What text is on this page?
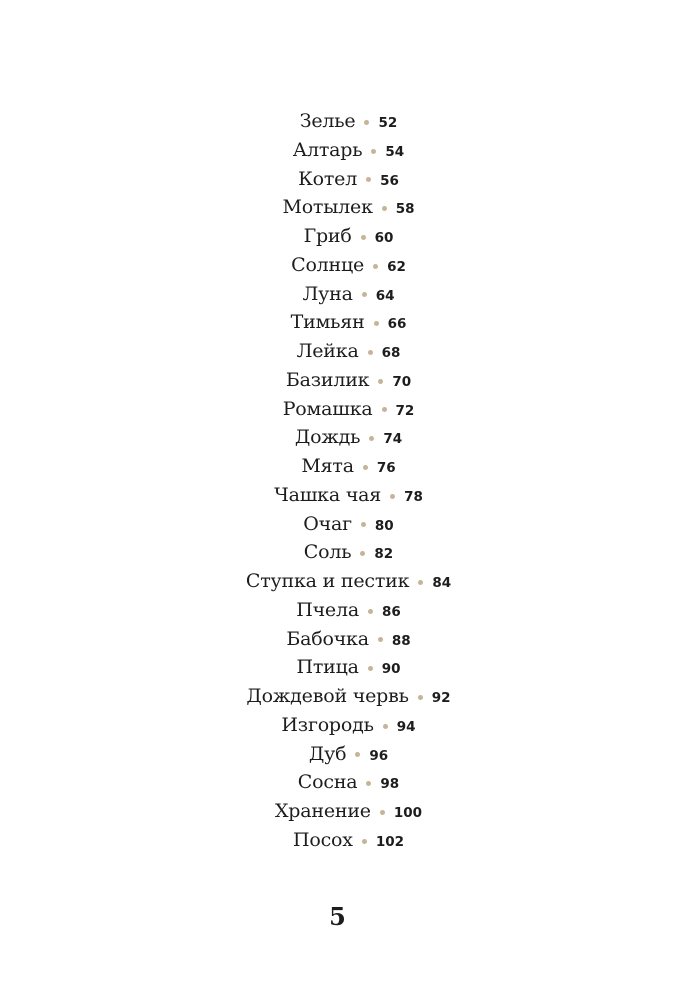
Зелье 52
Алтарь 54
Котел 56
Мотылек 58
Гриб 60
Солнце 62
Луна 64
Тимьян 66
Лейка 68
Базилик 70
Ромашка 72
Дождь 74
Мята 76
Чашка чая 78
Очаг 80
Соль 82
Ступка и пестик 84
Пчела 86
Бабочка 88
Птица 90
Дождевой червь 92
Изгородь 94
Дуб 96
Сосна 98
Хранение 100
Посох 102
5
